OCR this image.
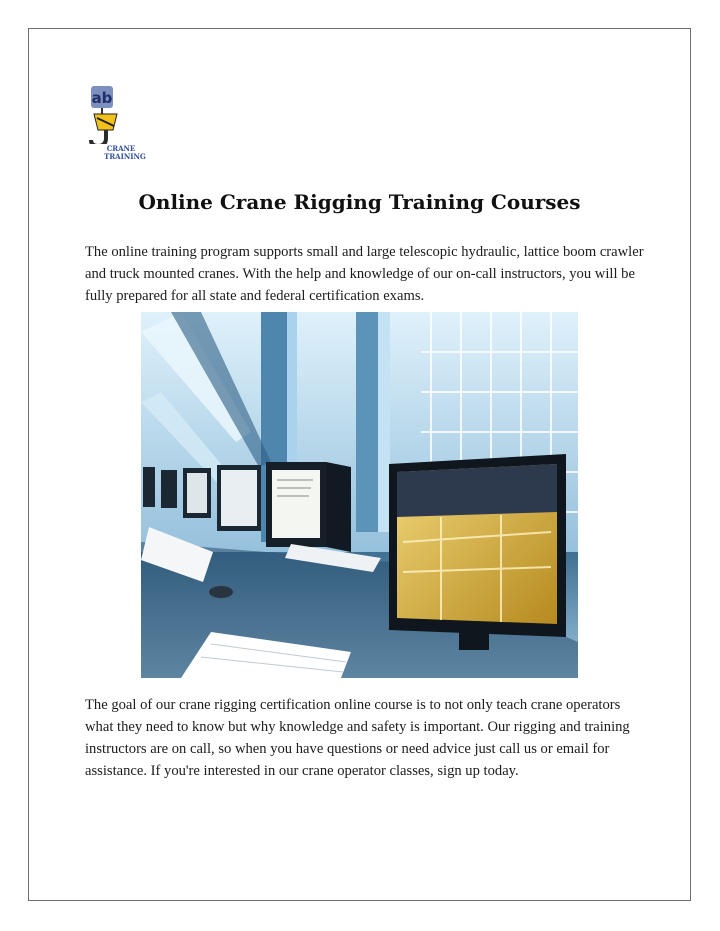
ab
CRANE
TRAINING
Online Crane Rigging Training Courses

The online training program supports small and large telescopic hydraulic, lattice boom crawler and truck mounted cranes. With the help and knowledge of our on-call instructors, you will be fully prepared for all state and federal certification exams.

The goal of our crane rigging certification online course is to not only teach crane operators what they need to know but why knowledge and safety is important. Our rigging and training instructors are on call, so when you have questions or need advice just call us or email for assistance. If you're interested in our crane operator classes, sign up today.
